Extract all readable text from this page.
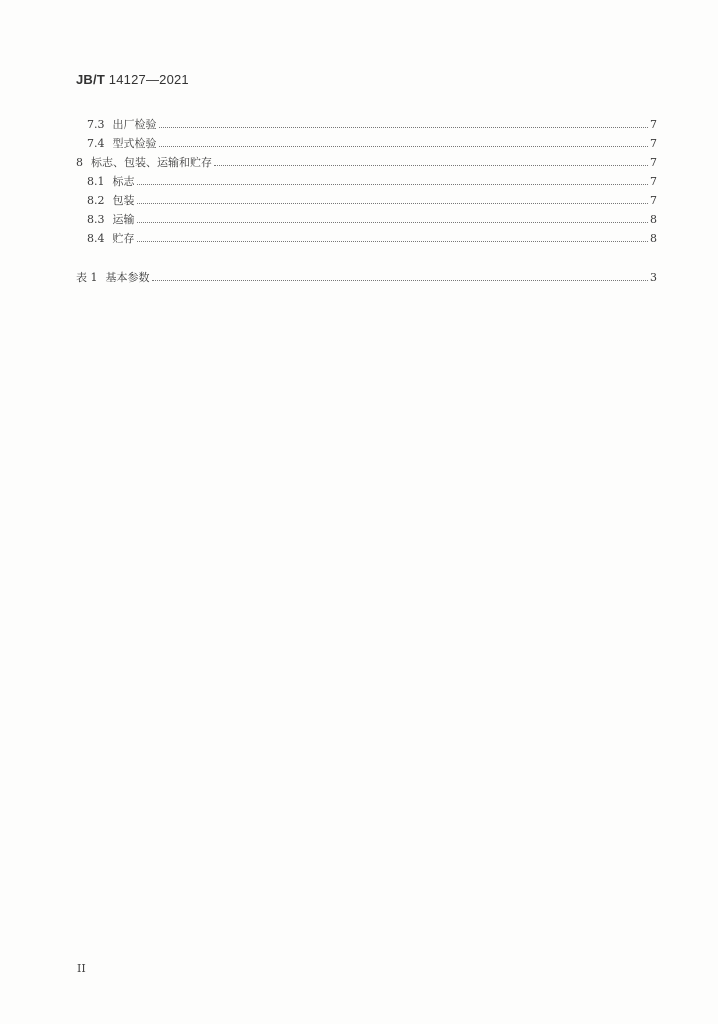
JB/T 14127—2021
7.3 出厂检验	7
7.4 型式检验	7
8 标志、包装、运输和贮存	7
8.1 标志	7
8.2 包装	7
8.3 运输	8
8.4 贮存	8
表 1 基本参数	3
II
